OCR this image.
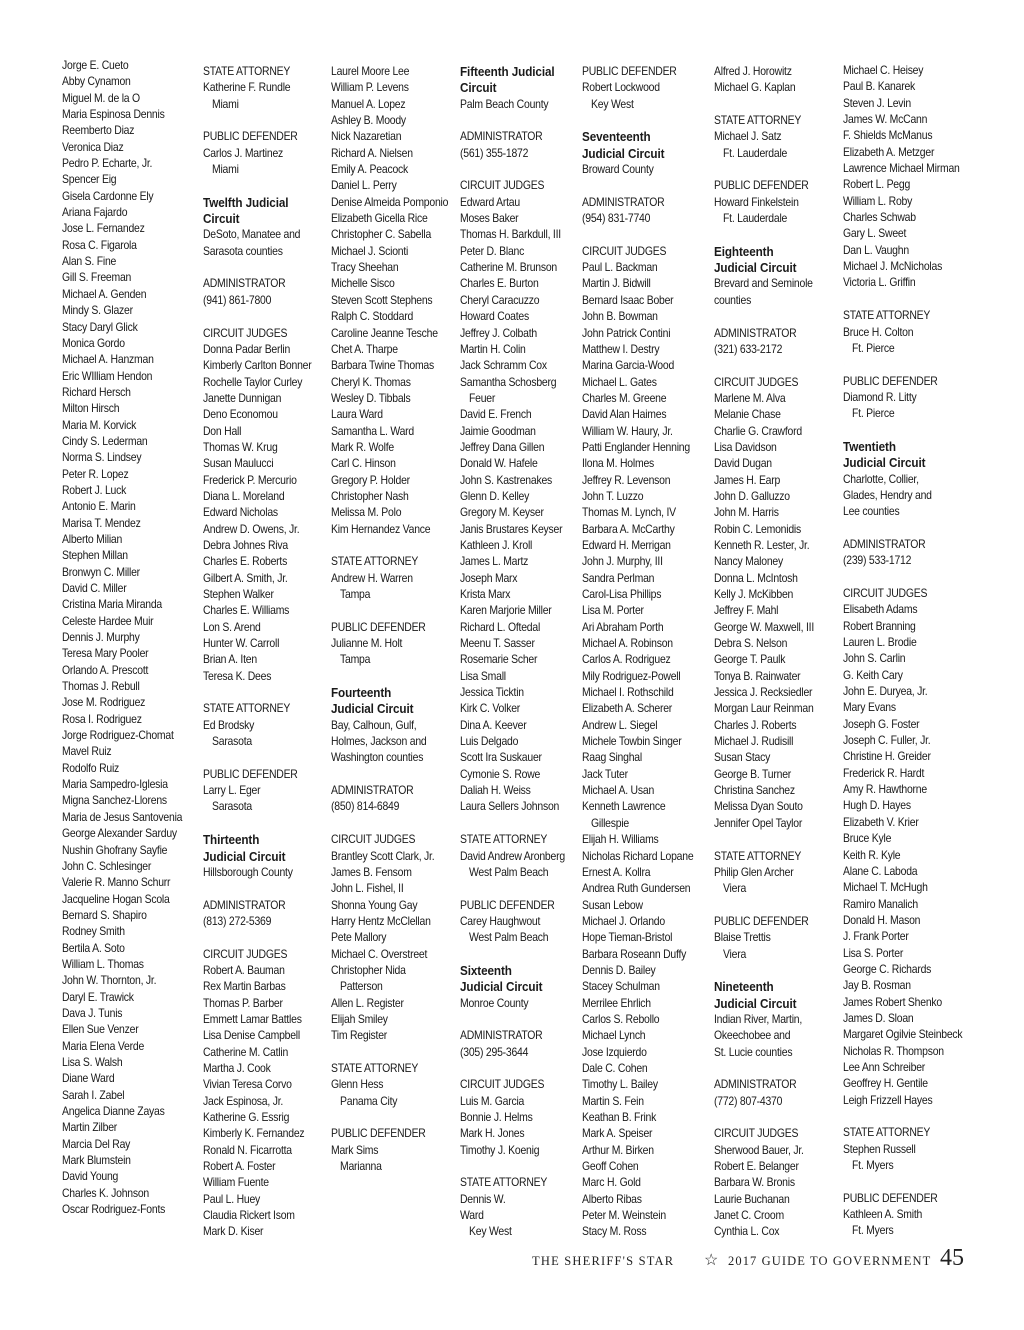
Jorge E. Cueto
Abby Cynamon
Miguel M. de la O
Maria Espinosa Dennis
Reemberto Diaz
Veronica Diaz
Pedro P. Echarte, Jr.
Spencer Eig
Gisela Cardonne Ely
Ariana Fajardo
Jose L. Fernandez
Rosa C. Figarola
Alan S. Fine
Gill S. Freeman
Michael A. Genden
Mindy S. Glazer
Stacy Daryl Glick
Monica Gordo
Michael A. Hanzman
Eric WIlliam Hendon
Richard Hersch
Milton Hirsch
Maria M. Korvick
Cindy S. Lederman
Norma S. Lindsey
Peter R. Lopez
Robert J. Luck
Antonio E. Marin
Marisa T. Mendez
Alberto Milian
Stephen Millan
Bronwyn C. Miller
David C. Miller
Cristina Maria Miranda
Celeste Hardee Muir
Dennis J. Murphy
Teresa Mary Pooler
Orlando A. Prescott
Thomas J. Rebull
Jose M. Rodriguez
Rosa I. Rodriguez
Jorge Rodriguez-Chomat
Mavel Ruiz
Rodolfo Ruiz
Maria Sampedro-Iglesia
Migna Sanchez-Llorens
Maria de Jesus Santovenia
George Alexander Sarduy
Nushin Ghofrany Sayfie
John C. Schlesinger
Valerie R. Manno Schurr
Jacqueline Hogan Scola
Bernard S. Shapiro
Rodney Smith
Bertila A. Soto
William L. Thomas
John W. Thornton, Jr.
Daryl E. Trawick
Dava J. Tunis
Ellen Sue Venzer
Maria Elena Verde
Lisa S. Walsh
Diane Ward
Sarah I. Zabel
Angelica Dianne Zayas
Martin Zilber
Marcia Del Ray
Mark Blumstein
David Young
Charles K. Johnson
Oscar Rodriguez-Fonts
STATE ATTORNEY
Katherine F. Rundle
Miami
PUBLIC DEFENDER
Carlos J. Martinez
Miami
Twelfth Judicial
Circuit
DeSoto, Manatee and
Sarasota counties
ADMINISTRATOR
(941) 861-7800
CIRCUIT JUDGES
Donna Padar Berlin
Kimberly Carlton Bonner
Rochelle Taylor Curley
Janette Dunnigan
Deno Economou
Don Hall
Thomas W. Krug
Susan Maulucci
Frederick P. Mercurio
Diana L. Moreland
Edward Nicholas
Andrew D. Owens, Jr.
Debra Johnes Riva
Charles E. Roberts
Gilbert A. Smith, Jr.
Stephen Walker
Charles E. Williams
Lon S. Arend
Hunter W. Carroll
Brian A. Iten
Teresa K. Dees
STATE ATTORNEY
Ed Brodsky
Sarasota
PUBLIC DEFENDER
Larry L. Eger
Sarasota
Thirteenth
Judicial Circuit
Hillsborough County
ADMINISTRATOR
(813) 272-5369
CIRCUIT JUDGES
Robert A. Bauman
Rex Martin Barbas
Thomas P. Barber
Emmett Lamar Battles
Lisa Denise Campbell
Catherine M. Catlin
Martha J. Cook
Vivian Teresa Corvo
Jack Espinosa, Jr.
Katherine G. Essrig
Kimberly K. Fernandez
Ronald N. Ficarrotta
Robert A. Foster
William Fuente
Paul L. Huey
Claudia Rickert Isom
Mark D. Kiser
Laurel Moore Lee
William P. Levens
Manuel A. Lopez
Ashley B. Moody
Nick Nazaretian
Richard A. Nielsen
Emily A. Peacock
Daniel L. Perry
Denise Almeida Pomponio
Elizabeth Gicella Rice
Christopher C. Sabella
Michael J. Scionti
Tracy Sheehan
Michelle Sisco
Steven Scott Stephens
Ralph C. Stoddard
Caroline Jeanne Tesche
Chet A. Tharpe
Barbara Twine Thomas
Cheryl K. Thomas
Wesley D. Tibbals
Laura Ward
Samantha L. Ward
Mark R. Wolfe
Carl C. Hinson
Gregory P. Holder
Christopher Nash
Melissa M. Polo
Kim Hernandez Vance
STATE ATTORNEY
Andrew H. Warren
Tampa
PUBLIC DEFENDER
Julianne M. Holt
Tampa
Fourteenth
Judicial Circuit
Bay, Calhoun, Gulf,
Holmes, Jackson and
Washington counties
ADMINISTRATOR
(850) 814-6849
CIRCUIT JUDGES
Brantley Scott Clark, Jr.
James B. Fensom
John L. Fishel, II
Shonna Young Gay
Harry Hentz McClellan
Pete Mallory
Michael C. Overstreet
Christopher Nida
Patterson
Allen L. Register
Elijah Smiley
Tim Register
STATE ATTORNEY
Glenn Hess
Panama City
PUBLIC DEFENDER
Mark Sims
Marianna
Fifteenth Judicial
Circuit
Palm Beach County
ADMINISTRATOR
(561) 355-1872
CIRCUIT JUDGES
Edward Artau
Moses Baker
Thomas H. Barkdull, III
Peter D. Blanc
Catherine M. Brunson
Charles E. Burton
Cheryl Caracuzzo
Howard Coates
Jeffrey J. Colbath
Martin H. Colin
Jack Schramm Cox
Samantha Schosberg
Feuer
David E. French
Jaimie Goodman
Jeffrey Dana Gillen
Donald W. Hafele
John S. Kastrenakes
Glenn D. Kelley
Gregory M. Keyser
Janis Brustares Keyser
Kathleen J. Kroll
James L. Martz
Joseph Marx
Krista Marx
Karen Marjorie Miller
Richard L. Oftedal
Meenu T. Sasser
Rosemarie Scher
Lisa Small
Jessica Ticktin
Kirk C. Volker
Dina A. Keever
Luis Delgado
Scott Ira Suskauer
Cymonie S. Rowe
Daliah H. Weiss
Laura Sellers Johnson
STATE ATTORNEY
David Andrew Aronberg
West Palm Beach
PUBLIC DEFENDER
Carey Haughwout
West Palm Beach
Sixteenth
Judicial Circuit
Monroe County
ADMINISTRATOR
(305) 295-3644
CIRCUIT JUDGES
Luis M. Garcia
Bonnie J. Helms
Mark H. Jones
Timothy J. Koenig
STATE ATTORNEY
Dennis W.
Ward
Key West
PUBLIC DEFENDER
Robert Lockwood
Key West
Seventeenth
Judicial Circuit
Broward County
ADMINISTRATOR
(954) 831-7740
CIRCUIT JUDGES
Paul L. Backman
Martin J. Bidwill
Bernard Isaac Bober
John B. Bowman
John Patrick Contini
Matthew I. Destry
Marina Garcia-Wood
Michael L. Gates
Charles M. Greene
David Alan Haimes
William W. Haury, Jr.
Patti Englander Henning
Ilona M. Holmes
Jeffrey R. Levenson
John T. Luzzo
Thomas M. Lynch, IV
Barbara A. McCarthy
Edward H. Merrigan
John J. Murphy, III
Sandra Perlman
Carol-Lisa Phillips
Lisa M. Porter
Ari Abraham Porth
Michael A. Robinson
Carlos A. Rodriguez
Mily Rodriguez-Powell
Michael I. Rothschild
Elizabeth A. Scherer
Andrew L. Siegel
Michele Towbin Singer
Raag Singhal
Jack Tuter
Michael A. Usan
Kenneth Lawrence
Gillespie
Elijah H. Williams
Nicholas Richard Lopane
Ernest A. Kollra
Andrea Ruth Gundersen
Susan Lebow
Michael J. Orlando
Hope Tieman-Bristol
Barbara Roseann Duffy
Dennis D. Bailey
Stacey Schulman
Merrilee Ehrlich
Carlos S. Rebollo
Michael Lynch
Jose Izquierdo
Dale C. Cohen
Timothy L. Bailey
Martin S. Fein
Keathan B. Frink
Mark A. Speiser
Arthur M. Birken
Geoff Cohen
Marc H. Gold
Alberto Ribas
Peter M. Weinstein
Stacy M. Ross
Alfred J. Horowitz
Michael G. Kaplan
STATE ATTORNEY
Michael J. Satz
Ft. Lauderdale
PUBLIC DEFENDER
Howard Finkelstein
Ft. Lauderdale
Eighteenth
Judicial Circuit
Brevard and Seminole
counties
ADMINISTRATOR
(321) 633-2172
CIRCUIT JUDGES
Marlene M. Alva
Melanie Chase
Charlie G. Crawford
Lisa Davidson
David Dugan
James H. Earp
John D. Galluzzo
John M. Harris
Robin C. Lemonidis
Kenneth R. Lester, Jr.
Nancy Maloney
Donna L. McIntosh
Kelly J. McKibben
Jeffrey F. Mahl
George W. Maxwell, III
Debra S. Nelson
George T. Paulk
Tonya B. Rainwater
Jessica J. Recksiedler
Morgan Laur Reinman
Charles J. Roberts
Michael J. Rudisill
Susan Stacy
George B. Turner
Christina Sanchez
Melissa Dyan Souto
Jennifer Opel Taylor
STATE ATTORNEY
Philip Glen Archer
Viera
PUBLIC DEFENDER
Blaise Trettis
Viera
Nineteenth
Judicial Circuit
Indian River, Martin,
Okeechobee and
St. Lucie counties
ADMINISTRATOR
(772) 807-4370
CIRCUIT JUDGES
Sherwood Bauer, Jr.
Robert E. Belanger
Barbara W. Bronis
Laurie Buchanan
Janet C. Croom
Cynthia L. Cox
Michael C. Heisey
Paul B. Kanarek
Steven J. Levin
James W. McCann
F. Shields McManus
Elizabeth A. Metzger
Lawrence Michael Mirman
Robert L. Pegg
William L. Roby
Charles Schwab
Gary L. Sweet
Dan L. Vaughn
Michael J. McNicholas
Victoria L. Griffin
STATE ATTORNEY
Bruce H. Colton
Ft. Pierce
PUBLIC DEFENDER
Diamond R. Litty
Ft. Pierce
Twentieth
Judicial Circuit
Charlotte, Collier,
Glades, Hendry and
Lee counties
ADMINISTRATOR
(239) 533-1712
CIRCUIT JUDGES
Elisabeth Adams
Robert Branning
Lauren L. Brodie
John S. Carlin
G. Keith Cary
John E. Duryea, Jr.
Mary Evans
Joseph G. Foster
Joseph C. Fuller, Jr.
Christine H. Greider
Frederick R. Hardt
Amy R. Hawthorne
Hugh D. Hayes
Elizabeth V. Krier
Bruce Kyle
Keith R. Kyle
Alane C. Laboda
Michael T. McHugh
Ramiro Manalich
Donald H. Mason
J. Frank Porter
Lisa S. Porter
George C. Richards
Jay B. Rosman
James Robert Shenko
James D. Sloan
Margaret Ogilvie Steinbeck
Nicholas R. Thompson
Lee Ann Schreiber
Geoffrey H. Gentile
Leigh Frizzell Hayes
STATE ATTORNEY
Stephen Russell
Ft. Myers
PUBLIC DEFENDER
Kathleen A. Smith
Ft. Myers
THE SHERIFF'S STAR ☆ 2017 GUIDE TO GOVERNMENT 45
